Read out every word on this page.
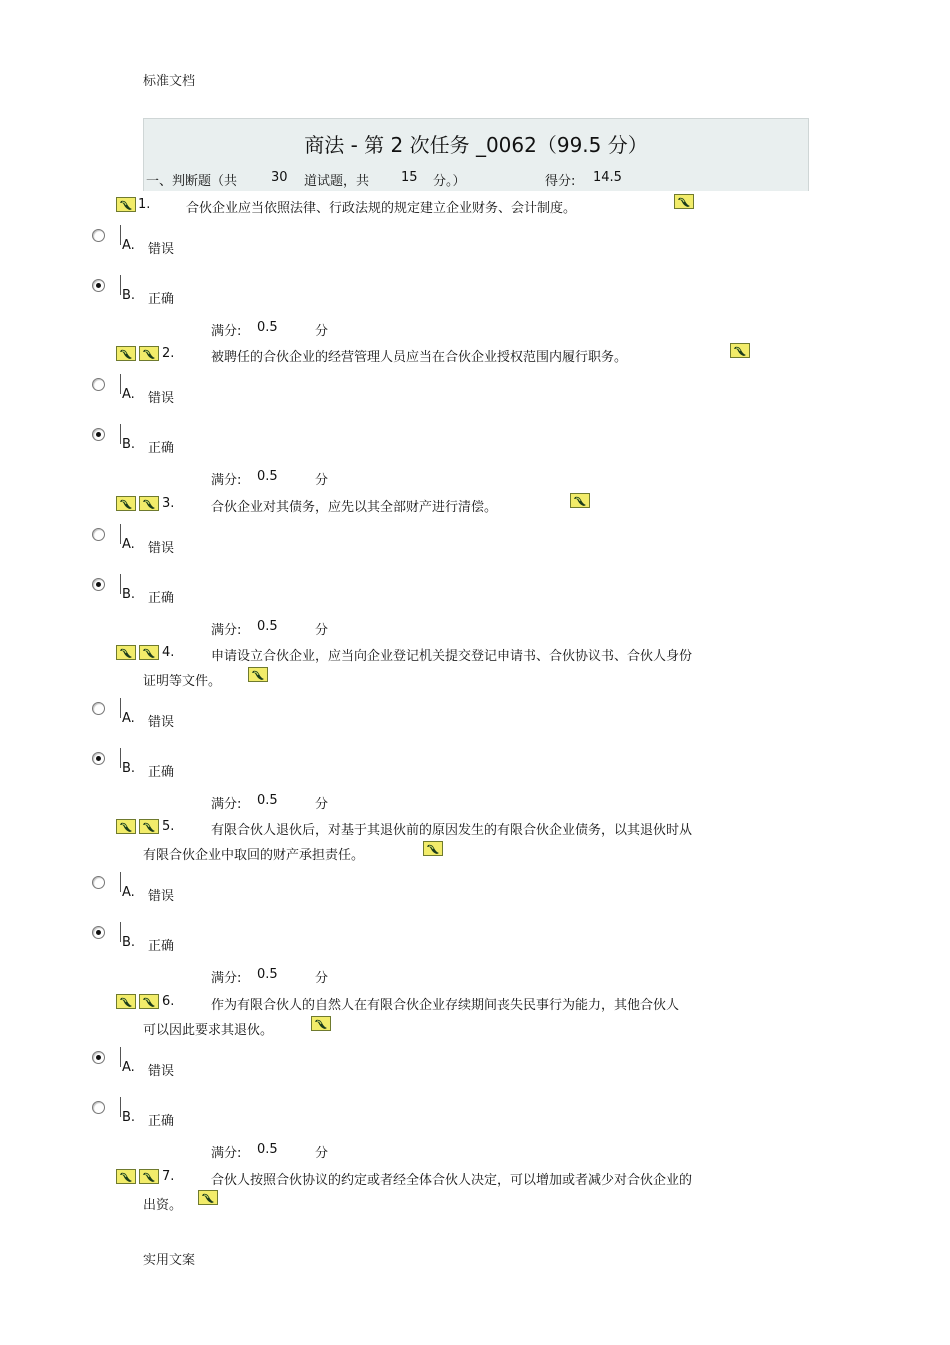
标准文档
商法 - 第 2 次任务 _0062（99.5 分）
一、判断题（共	30 道试题，共 15 分。）	得分: 14.5
1.	合伙企业应当依照法律、行政法规的规定建立企业财务、会计制度。
A. 错误
B. 正确
满分: 0.5	分
2.	被聘任的合伙企业的经营管理人员应当在合伙企业授权范围内履行职务。
A. 错误
B. 正确
满分: 0.5	分
3.	合伙企业对其债务，应先以其全部财产进行清偿。
A. 错误
B. 正确
满分: 0.5	分
4.	申请设立合伙企业，应当向企业登记机关提交登记申请书、合伙协议书、合伙人身份
证明等文件。
A. 错误
B. 正确
满分: 0.5	分
5.	有限合伙人退伙后，对基于其退伙前的原因发生的有限合伙企业债务，以其退伙时从
有限合伙企业中取回的财产承担责任。
A. 错误
B. 正确
满分: 0.5	分
6.	作为有限合伙人的自然人在有限合伙企业存续期间丧失民事行为能力，其他合伙人
可以因此要求其退伙。
A. 错误
B. 正确
满分: 0.5	分
7.	合伙人按照合伙协议的约定或者经全体合伙人决定，可以增加或者减少对合伙企业的
出资。
实用文案
